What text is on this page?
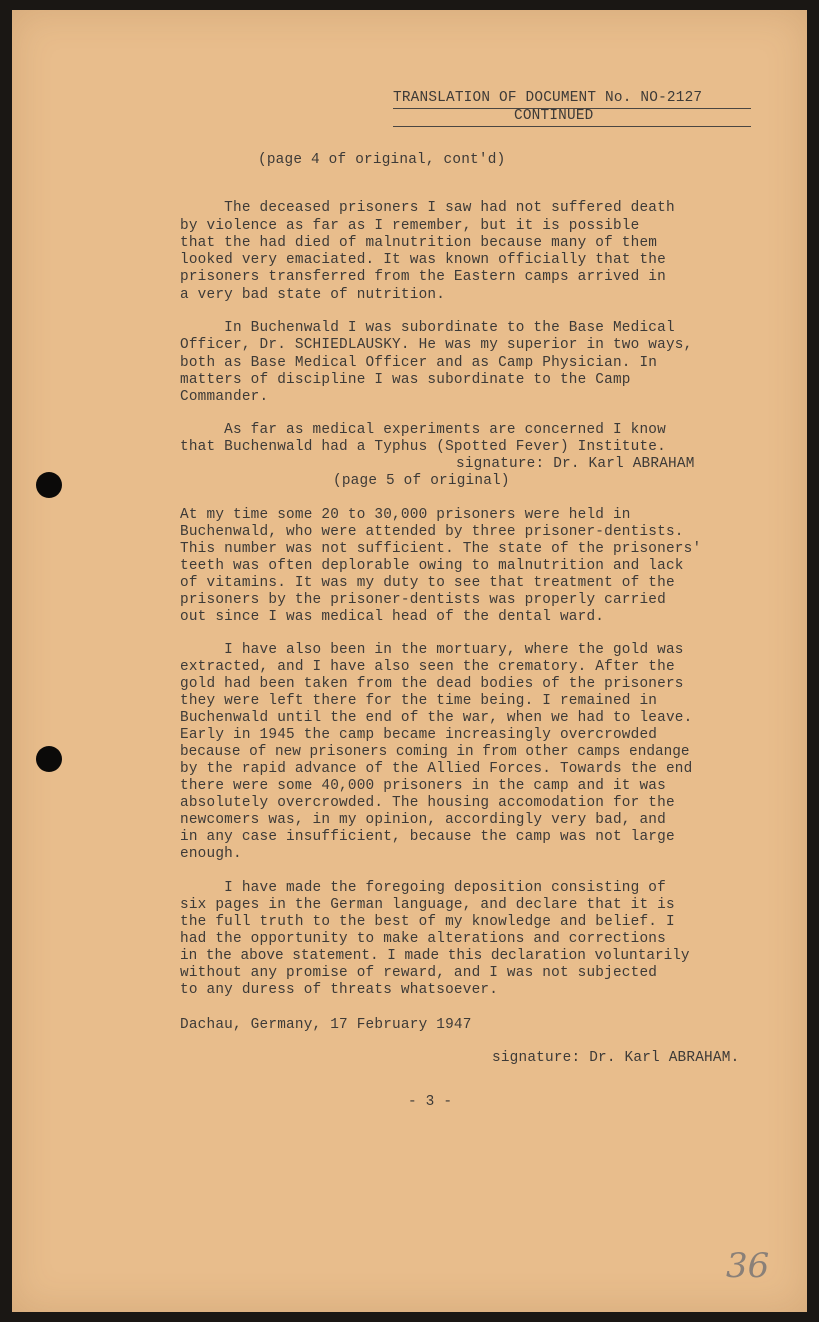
TRANSLATION OF DOCUMENT No. NO-2127
CONTINUED
(page 4 of original, cont'd)
The deceased prisoners I saw had not suffered death
by violence as far as I remember, but it is possible
that the had died of malnutrition because many of them
looked very emaciated. It was known officially that the
prisoners transferred from the Eastern camps arrived in
a very bad state of nutrition.
In Buchenwald I was subordinate to the Base Medical
Officer, Dr. SCHIEDLAUSKY. He was my superior in two ways,
both as Base Medical Officer and as Camp Physician. In
matters of discipline I was subordinate to the Camp
Commander.
As far as medical experiments are concerned I know
that Buchenwald had a Typhus (Spotted Fever) Institute.
signature: Dr. Karl ABRAHAM
(page 5 of original)
At my time some 20 to 30,000 prisoners were held in
Buchenwald, who were attended by three prisoner-dentists.
This number was not sufficient. The state of the prisoners'
teeth was often deplorable owing to malnutrition and lack
of vitamins. It was my duty to see that treatment of the
prisoners by the prisoner-dentists was properly carried
out since I was medical head of the dental ward.
I have also been in the mortuary, where the gold was
extracted, and I have also seen the crematory. After the
gold had been taken from the dead bodies of the prisoners
they were left there for the time being. I remained in
Buchenwald until the end of the war, when we had to leave.
Early in 1945 the camp became increasingly overcrowded
because of new prisoners coming in from other camps endange
by the rapid advance of the Allied Forces. Towards the end
there were some 40,000 prisoners in the camp and it was
absolutely overcrowded. The housing accomodation for the
newcomers was, in my opinion, accordingly very bad, and
in any case insufficient, because the camp was not large
enough.
I have made the foregoing deposition consisting of
six pages in the German language, and declare that it is
the full truth to the best of my knowledge and belief. I
had the opportunity to make alterations and corrections
in the above statement. I made this declaration voluntarily
without any promise of reward, and I was not subjected
to any duress of threats whatsoever.
Dachau, Germany, 17 February 1947
signature: Dr. Karl ABRAHAM.
- 3 -
36
